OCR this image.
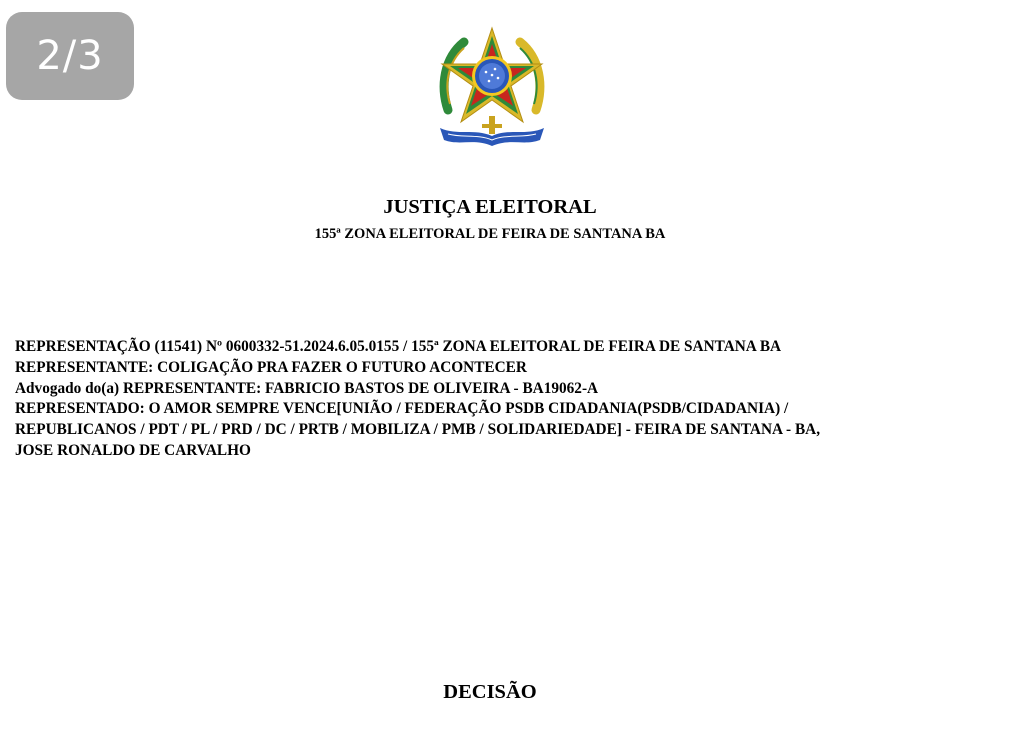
2/3
JUSTIÇA ELEITORAL
155ª ZONA ELEITORAL DE FEIRA DE SANTANA BA
REPRESENTAÇÃO (11541) Nº 0600332-51.2024.6.05.0155 / 155ª ZONA ELEITORAL DE FEIRA DE SANTANA BA
REPRESENTANTE: COLIGAÇÃO PRA FAZER O FUTURO ACONTECER
Advogado do(a) REPRESENTANTE: FABRICIO BASTOS DE OLIVEIRA - BA19062-A
REPRESENTADO: O AMOR SEMPRE VENCE[UNIÃO / FEDERAÇÃO PSDB CIDADANIA(PSDB/CIDADANIA) /
REPUBLICANOS / PDT / PL / PRD / DC / PRTB / MOBILIZA / PMB / SOLIDARIEDADE] - FEIRA DE SANTANA - BA,
JOSE RONALDO DE CARVALHO
DECISÃO
